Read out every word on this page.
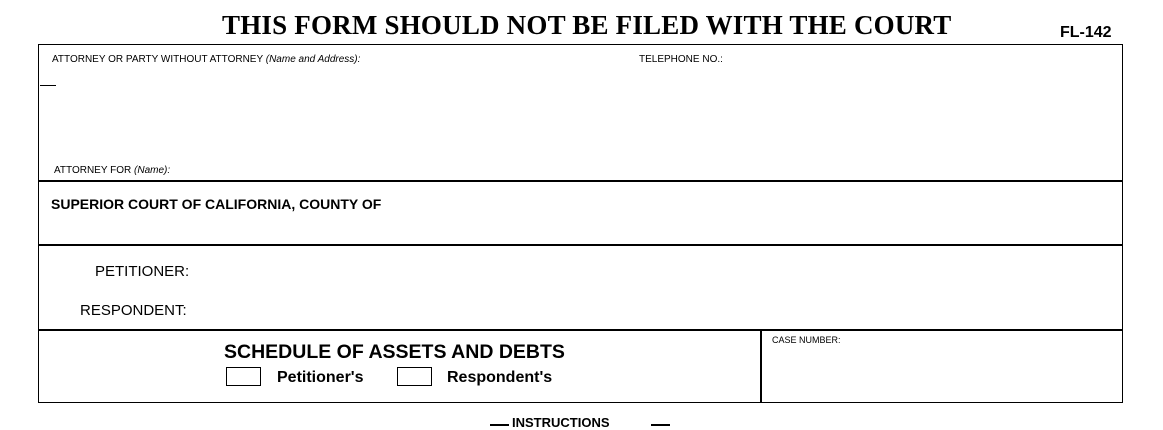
THIS FORM SHOULD NOT BE FILED WITH THE COURT	FL-142
ATTORNEY OR PARTY WITHOUT ATTORNEY (Name and Address):	TELEPHONE NO.:
ATTORNEY FOR (Name):
SUPERIOR COURT OF CALIFORNIA, COUNTY OF
PETITIONER:
RESPONDENT:
SCHEDULE OF ASSETS AND DEBTS
Petitioner's	Respondent's
CASE NUMBER:
INSTRUCTIONS
